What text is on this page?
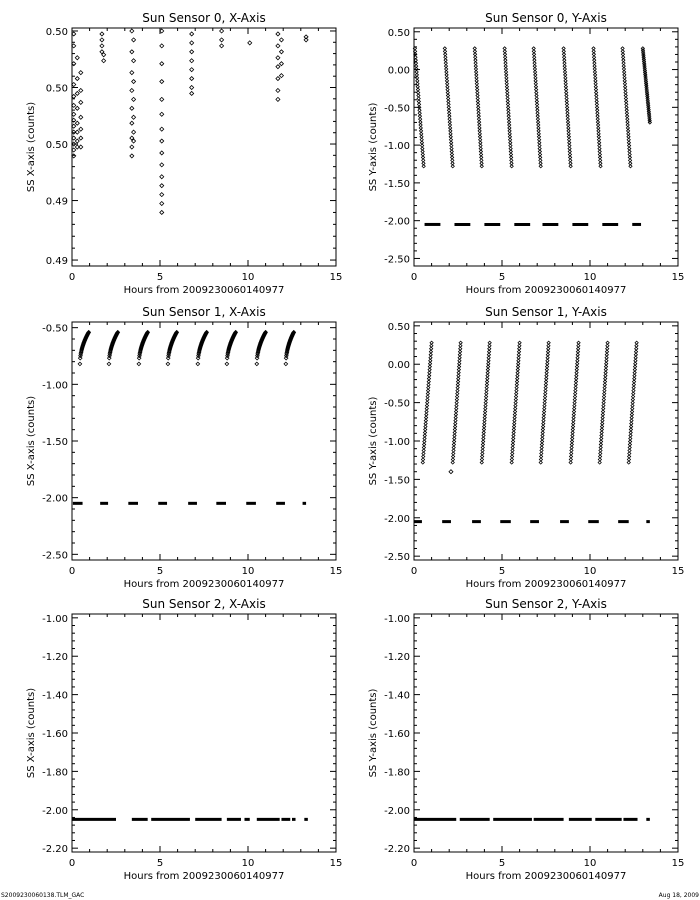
Sun Sensor 0, X-Axis
0	5	10	15
0.49
0.49
0.50
0.50
0.50
Hours from 2009230060140977
SS X-axis (counts)
Sun Sensor 0, Y-Axis
0	5	10	15
-2.50
-2.00
-1.50
-1.00
-0.50
0.00
0.50
Hours from 2009230060140977
SS Y-axis (counts)
Sun Sensor 1, X-Axis
0	5	10	15
-2.50
-2.00
-1.50
-1.00
-0.50
Hours from 2009230060140977
SS X-axis (counts)
Sun Sensor 1, Y-Axis
0	5	10	15
-2.50
-2.00
-1.50
-1.00
-0.50
0.00
0.50
Hours from 2009230060140977
SS Y-axis (counts)
Sun Sensor 2, X-Axis
0	5	10	15
-2.20
-2.00
-1.80
-1.60
-1.40
-1.20
-1.00
Hours from 2009230060140977
SS X-axis (counts)
Sun Sensor 2, Y-Axis
0	5	10	15
-2.20
-2.00
-1.80
-1.60
-1.40
-1.20
-1.00
Hours from 2009230060140977
SS Y-axis (counts)
S2009230060138.TLM_GAC	Aug 18, 2009
